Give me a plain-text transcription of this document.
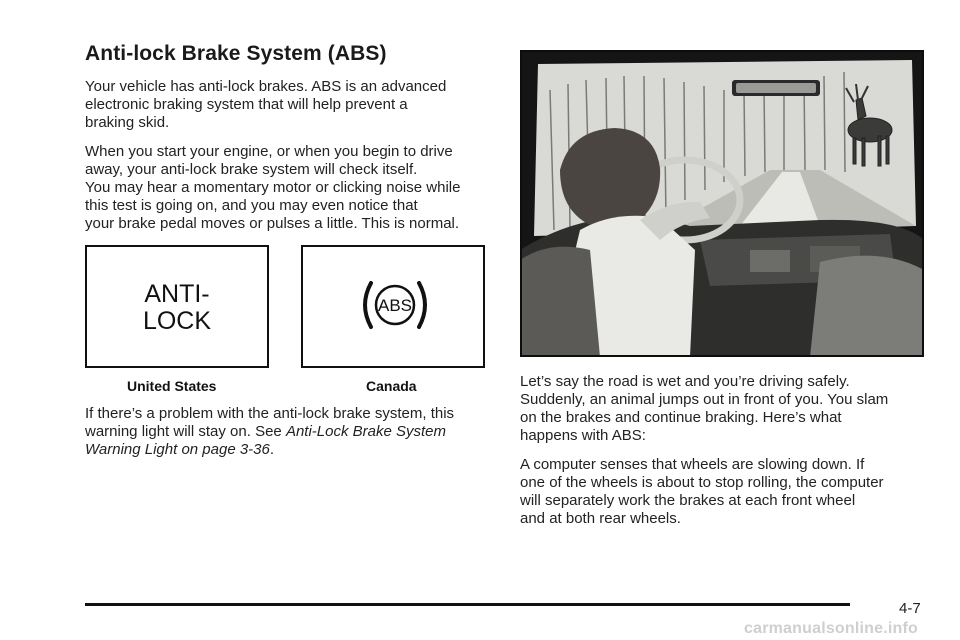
Anti-lock Brake System (ABS)

Your vehicle has anti-lock brakes. ABS is an advanced
electronic braking system that will help prevent a
braking skid.

When you start your engine, or when you begin to drive
away, your anti-lock brake system will check itself.
You may hear a momentary motor or clicking noise while
this test is going on, and you may even notice that
your brake pedal moves or pulses a little. This is normal.

ANTI-
LOCK
ABS
United States	Canada

If there’s a problem with the anti-lock brake system, this
warning light will stay on. See Anti-Lock Brake System
Warning Light on page 3-36.

Let’s say the road is wet and you’re driving safely.
Suddenly, an animal jumps out in front of you. You slam
on the brakes and continue braking. Here’s what
happens with ABS:

A computer senses that wheels are slowing down. If
one of the wheels is about to stop rolling, the computer
will separately work the brakes at each front wheel
and at both rear wheels.

4-7
carmanualsonline.info
